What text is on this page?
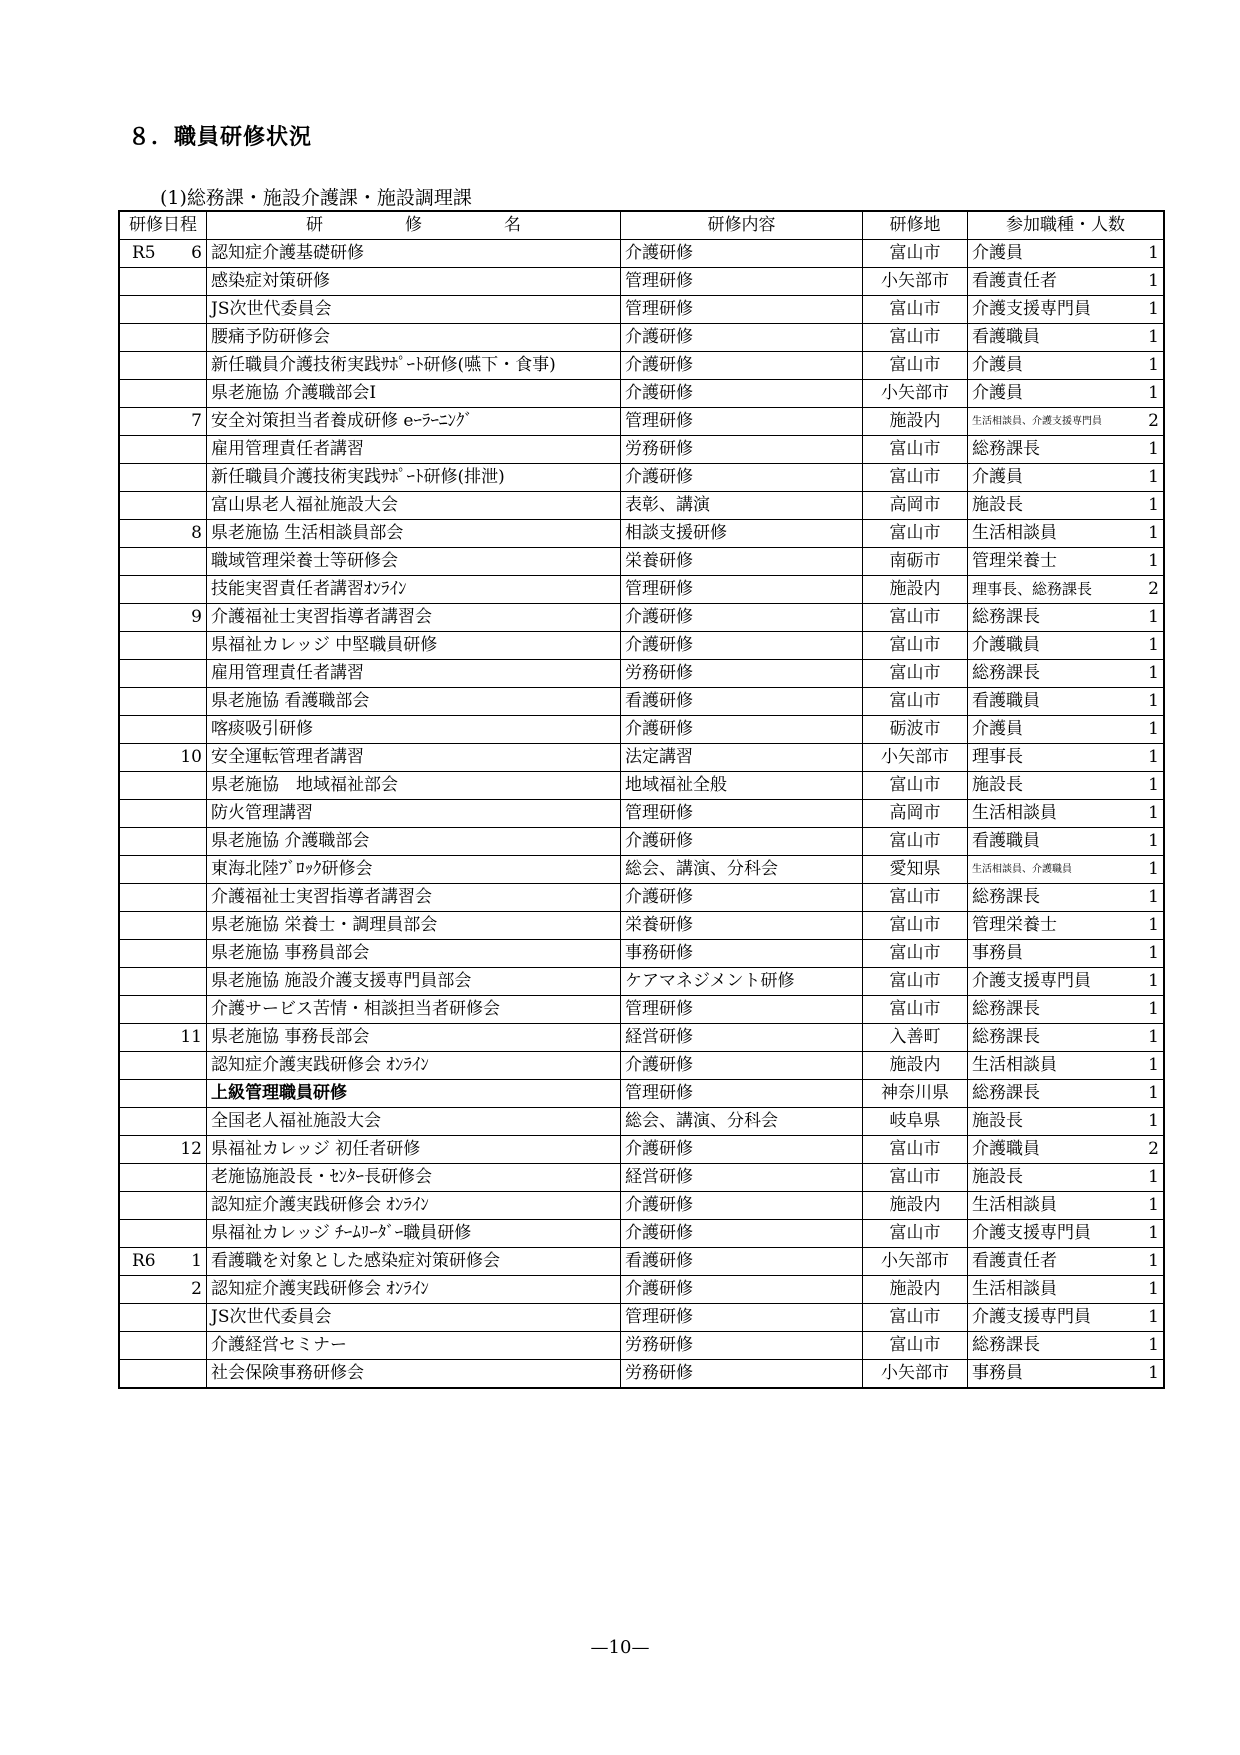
８．職員研修状況
(1)総務課・施設介護課・施設調理課
研修日程	研 修 名	研修内容	研修地	参加職種・人数

R5 6	認知症介護基礎研修	介護研修	富山市	介護員 1

	感染症対策研修	管理研修	小矢部市	看護責任者 1

	JS次世代委員会	管理研修	富山市	介護支援専門員 1

	腰痛予防研修会	介護研修	富山市	看護職員 1

	新任職員介護技術実践ｻﾎﾟｰﾄ研修(嚥下・食事)	介護研修	富山市	介護員 1

	県老施協 介護職部会Ⅰ	介護研修	小矢部市	介護員 1

7	安全対策担当者養成研修 eｰﾗｰﾆﾝｸﾞ	管理研修	施設内	生活相談員、介護支援専門員 2

	雇用管理責任者講習	労務研修	富山市	総務課長 1

	新任職員介護技術実践ｻﾎﾟｰﾄ研修(排泄)	介護研修	富山市	介護員 1

	富山県老人福祉施設大会	表彰、講演	高岡市	施設長 1

8	県老施協 生活相談員部会	相談支援研修	富山市	生活相談員 1

	職域管理栄養士等研修会	栄養研修	南砺市	管理栄養士 1

	技能実習責任者講習ｵﾝﾗｲﾝ	管理研修	施設内	理事長、総務課長 2

9	介護福祉士実習指導者講習会	介護研修	富山市	総務課長 1

	県福祉カレッジ 中堅職員研修	介護研修	富山市	介護職員 1

	雇用管理責任者講習	労務研修	富山市	総務課長 1

	県老施協 看護職部会	看護研修	富山市	看護職員 1

	喀痰吸引研修	介護研修	砺波市	介護員 1

10	安全運転管理者講習	法定講習	小矢部市	理事長 1

	県老施協　地域福祉部会	地域福祉全般	富山市	施設長 1

	防火管理講習	管理研修	高岡市	生活相談員 1

	県老施協 介護職部会	介護研修	富山市	看護職員 1

	東海北陸ﾌﾞﾛｯｸ研修会	総会、講演、分科会	愛知県	生活相談員、介護職員 1

	介護福祉士実習指導者講習会	介護研修	富山市	総務課長 1

	県老施協 栄養士・調理員部会	栄養研修	富山市	管理栄養士 1

	県老施協 事務員部会	事務研修	富山市	事務員 1

	県老施協 施設介護支援専門員部会	ケアマネジメント研修	富山市	介護支援専門員 1

	介護サービス苦情・相談担当者研修会	管理研修	富山市	総務課長 1

11	県老施協 事務長部会	経営研修	入善町	総務課長 1

	認知症介護実践研修会 ｵﾝﾗｲﾝ	介護研修	施設内	生活相談員 1

	上級管理職員研修	管理研修	神奈川県	総務課長 1

	全国老人福祉施設大会	総会、講演、分科会	岐阜県	施設長 1

12	県福祉カレッジ 初任者研修	介護研修	富山市	介護職員 2

	老施協施設長・ｾﾝﾀｰ長研修会	経営研修	富山市	施設長 1

	認知症介護実践研修会 ｵﾝﾗｲﾝ	介護研修	施設内	生活相談員 1

	県福祉カレッジ ﾁｰﾑﾘｰﾀﾞｰ職員研修	介護研修	富山市	介護支援専門員 1

R6 1	看護職を対象とした感染症対策研修会	看護研修	小矢部市	看護責任者 1

2	認知症介護実践研修会 ｵﾝﾗｲﾝ	介護研修	施設内	生活相談員 1

	JS次世代委員会	管理研修	富山市	介護支援専門員 1

	介護経営セミナー	労務研修	富山市	総務課長 1

	社会保険事務研修会	労務研修	小矢部市	事務員 1
—10—
